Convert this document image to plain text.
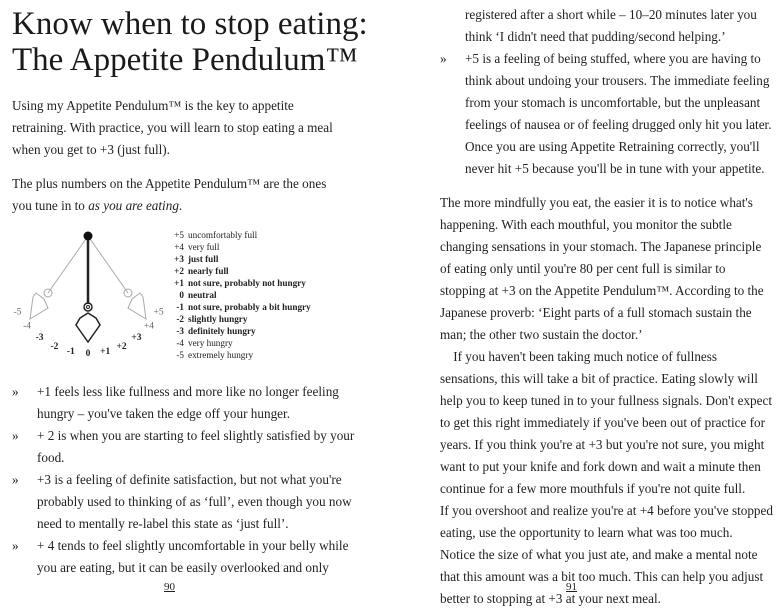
Know when to stop eating:
The Appetite Pendulum™
Using my Appetite Pendulum™ is the key to appetite
retraining. With practice, you will learn to stop eating a meal
when you get to +3 (just full).
The plus numbers on the Appetite Pendulum™ are the ones
you tune in to as you are eating.
-5
-4
-3
-2
-1 0 +1
+2
+3
+4
+5
+5 uncomfortably full
+4 very full
+3 just full
+2 nearly full
+1 not sure, probably not hungry
0 neutral
-1 not sure, probably a bit hungry
-2 slightly hungry
-3 definitely hungry
-4 very hungry
-5 extremely hungry
» +1 feels less like fullness and more like no longer feeling
hungry – you've taken the edge off your hunger.
» + 2 is when you are starting to feel slightly satisfied by your
food.
» +3 is a feeling of definite satisfaction, but not what you're
probably used to thinking of as ‘full’, even though you now
need to mentally re-label this state as ‘just full’.
» + 4 tends to feel slightly uncomfortable in your belly while
you are eating, but it can be easily overlooked and only
90
registered after a short while – 10–20 minutes later you
think ‘I didn't need that pudding/second helping.’
» +5 is a feeling of being stuffed, where you are having to
think about undoing your trousers. The immediate feeling
from your stomach is uncomfortable, but the unpleasant
feelings of nausea or of feeling drugged only hit you later.
Once you are using Appetite Retraining correctly, you'll
never hit +5 because you'll be in tune with your appetite.
The more mindfully you eat, the easier it is to notice what's
happening. With each mouthful, you monitor the subtle
changing sensations in your stomach. The Japanese principle
of eating only until you're 80 per cent full is similar to
stopping at +3 on the Appetite Pendulum™. According to the
Japanese proverb: ‘Eight parts of a full stomach sustain the
man; the other two sustain the doctor.’
 If you haven't been taking much notice of fullness
sensations, this will take a bit of practice. Eating slowly will
help you to keep tuned in to your fullness signals. Don't expect
to get this right immediately if you've been out of practice for
years. If you think you're at +3 but you're not sure, you might
want to put your knife and fork down and wait a minute then
continue for a few more mouthfuls if you're not quite full.
If you overshoot and realize you're at +4 before you've stopped
eating, use the opportunity to learn what was too much.
Notice the size of what you just ate, and make a mental note
that this amount was a bit too much. This can help you adjust
better to stopping at +3 at your next meal.
91
